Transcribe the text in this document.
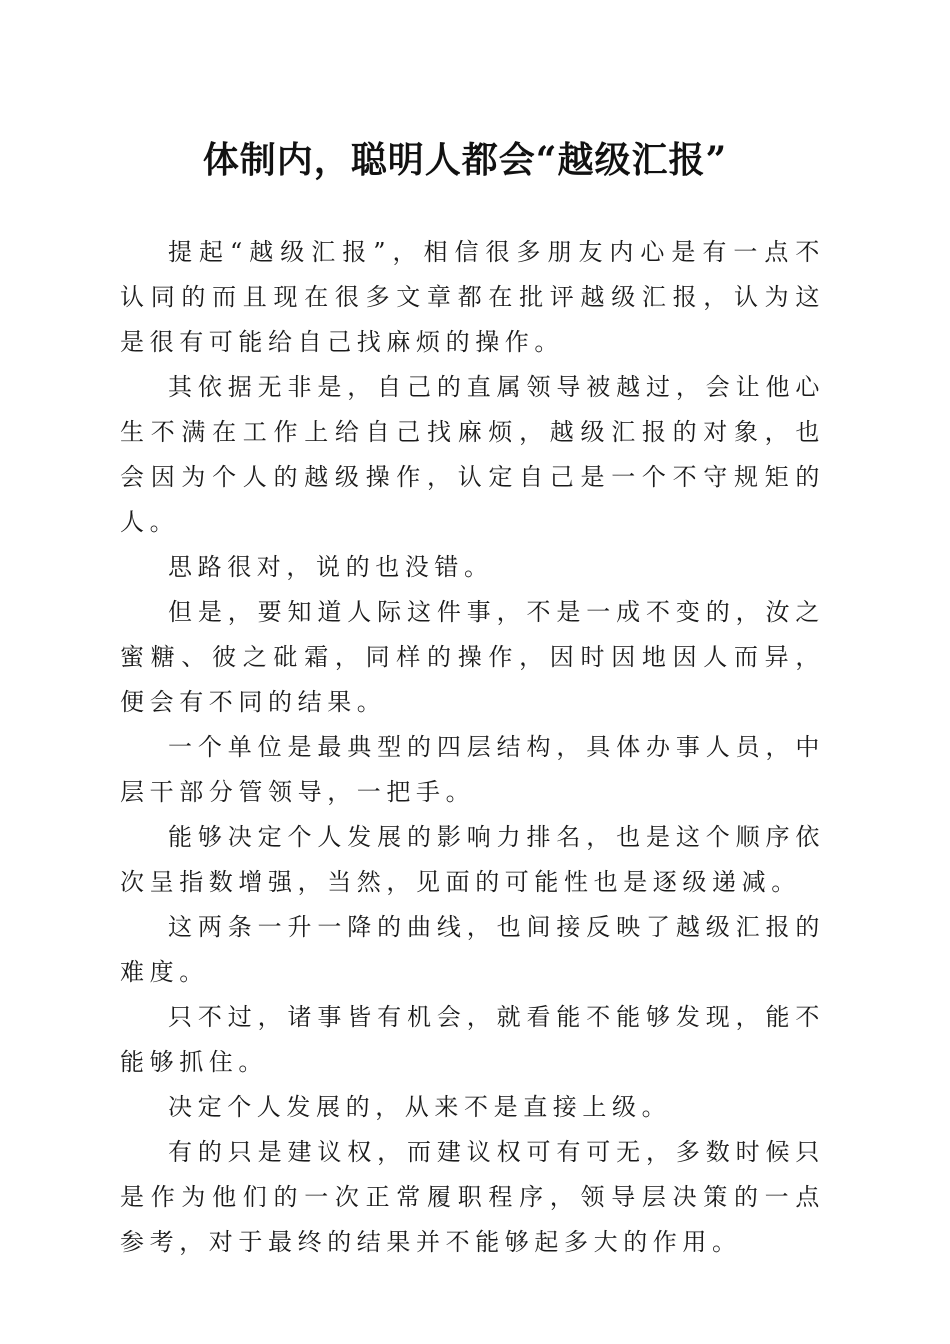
体制内，聪明人都会“越级汇报”

提起“越级汇报”，相信很多朋友内心是有一点不认同的而且现在很多文章都在批评越级汇报，认为这是很有可能给自己找麻烦的操作。

其依据无非是，自己的直属领导被越过，会让他心生不满在工作上给自己找麻烦，越级汇报的对象，也会因为个人的越级操作，认定自己是一个不守规矩的人。

思路很对，说的也没错。

但是，要知道人际这件事，不是一成不变的，汝之蜜糖、彼之砒霜，同样的操作，因时因地因人而异，便会有不同的结果。

一个单位是最典型的四层结构，具体办事人员，中层干部分管领导，一把手。

能够决定个人发展的影响力排名，也是这个顺序依次呈指数增强，当然，见面的可能性也是逐级递减。

这两条一升一降的曲线，也间接反映了越级汇报的难度。

只不过，诸事皆有机会，就看能不能够发现，能不能够抓住。

决定个人发展的，从来不是直接上级。

有的只是建议权，而建议权可有可无，多数时候只是作为他们的一次正常履职程序，领导层决策的一点参考，对于最终的结果并不能够起多大的作用。
